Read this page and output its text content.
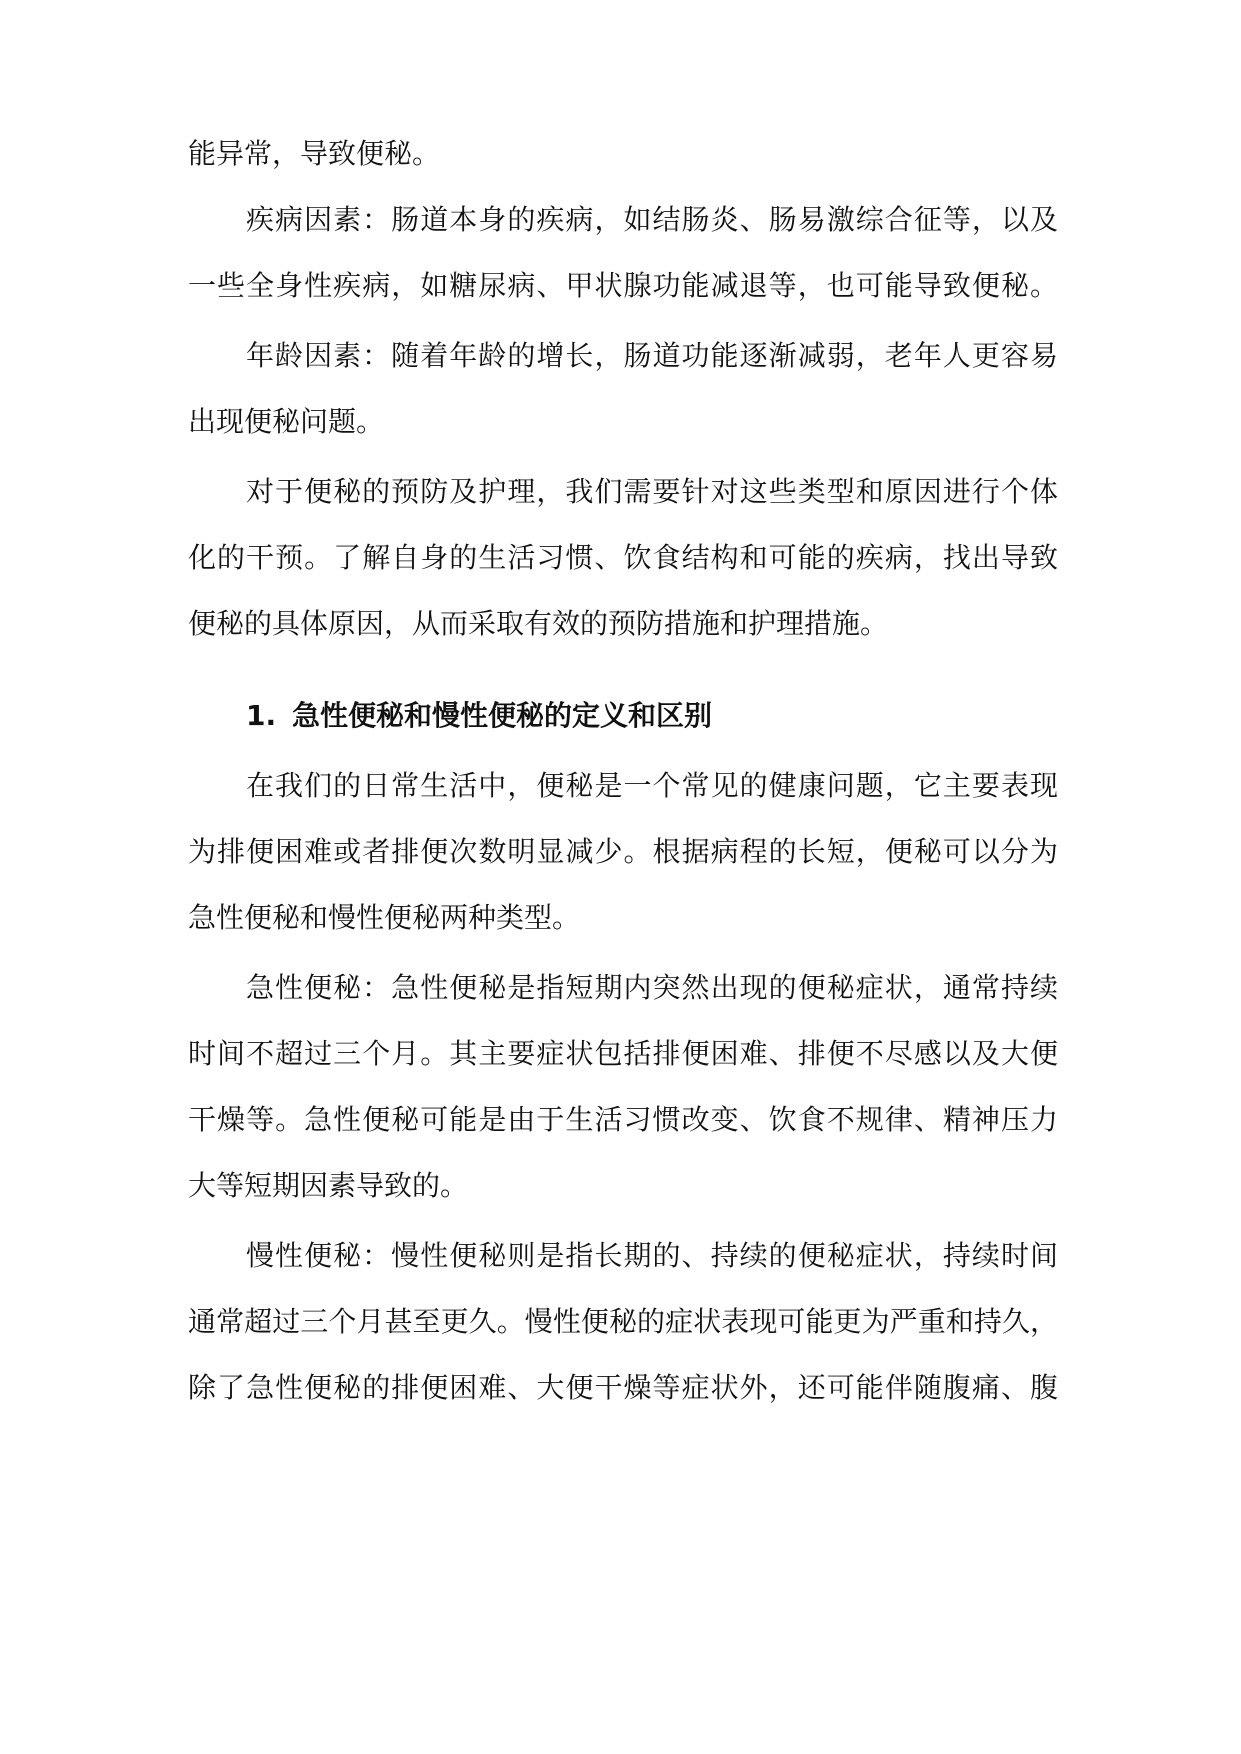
能异常，导致便秘。
疾病因素：肠道本身的疾病，如结肠炎、肠易激综合征等，以及
一些全身性疾病，如糖尿病、甲状腺功能减退等，也可能导致便秘。
年龄因素：随着年龄的增长，肠道功能逐渐减弱，老年人更容易
出现便秘问题。
对于便秘的预防及护理，我们需要针对这些类型和原因进行个体
化的干预。了解自身的生活习惯、饮食结构和可能的疾病，找出导致
便秘的具体原因，从而采取有效的预防措施和护理措施。
1. 急性便秘和慢性便秘的定义和区别
在我们的日常生活中，便秘是一个常见的健康问题，它主要表现
为排便困难或者排便次数明显减少。根据病程的长短，便秘可以分为
急性便秘和慢性便秘两种类型。
急性便秘：急性便秘是指短期内突然出现的便秘症状，通常持续
时间不超过三个月。其主要症状包括排便困难、排便不尽感以及大便
干燥等。急性便秘可能是由于生活习惯改变、饮食不规律、精神压力
大等短期因素导致的。
慢性便秘：慢性便秘则是指长期的、持续的便秘症状，持续时间
通常超过三个月甚至更久。慢性便秘的症状表现可能更为严重和持久，
除了急性便秘的排便困难、大便干燥等症状外，还可能伴随腹痛、腹
